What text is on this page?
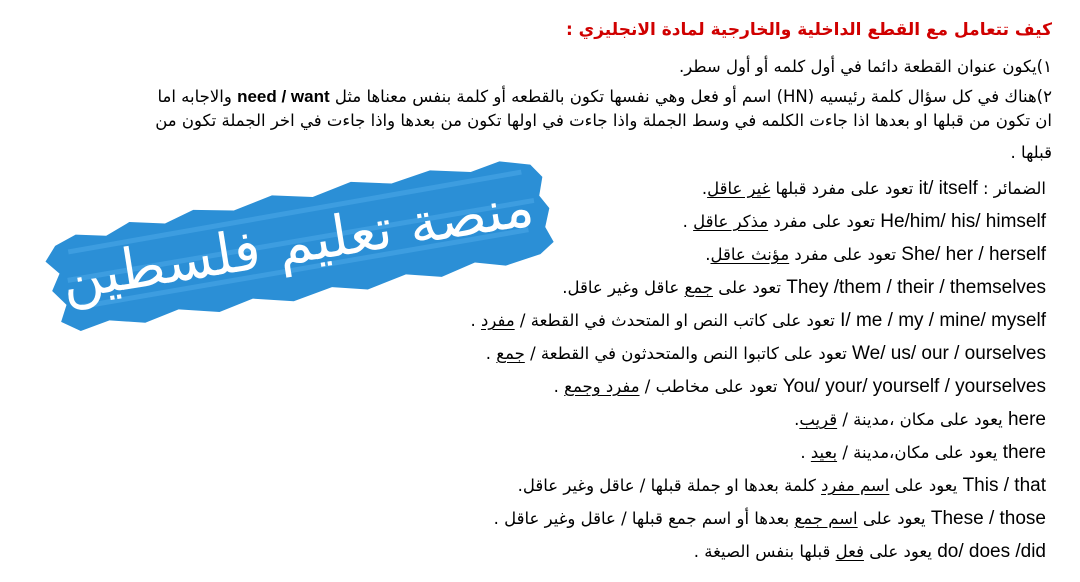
كيف تتعامل مع القطع الداخلية والخارجية لمادة الانجليزي :
١)يكون عنوان القطعة دائما في أول كلمه أو أول سطر.
٢)هناك في كل سؤال كلمة رئيسيه (HN) اسم أو فعل وهي نفسها تكون بالقطعه أو كلمة بنفس معناها مثل need / want والاجابه اما
ان تكون من قبلها او بعدها اذا جاءت الكلمه في وسط الجملة واذا جاءت في اولها تكون من بعدها واذا جاءت في اخر الجملة تكون من
قبلها .
الضمائر : it/ itself تعود على مفرد قبلها غير عاقل.
He/him/ his/ himself تعود على مفرد مذكر عاقل .
She/ her / herself تعود على مفرد مؤنث عاقل.
They /them / their / themselves تعود على جمع عاقل وغير عاقل.
I/ me / my / mine/ myself تعود على كاتب النص او المتحدث في القطعة / مفرد .
We/ us/ our / ourselves تعود على كاتبوا النص والمتحدثون في القطعة / جمع .
You/ your/ yourself / yourselves تعود على مخاطب / مفرد وجمع .
here يعود على مكان ،مدينة / قريب.
there يعود على مكان،مدينة / بعيد .
This / that يعود على اسم مفرد كلمة بعدها او جملة قبلها / عاقل وغير عاقل.
These / those يعود على اسم جمع بعدها أو اسم جمع قبلها / عاقل وغير عاقل .
do/ does /did يعود على فعل قبلها بنفس الصيغة .
منصة تعليم فلسطين
